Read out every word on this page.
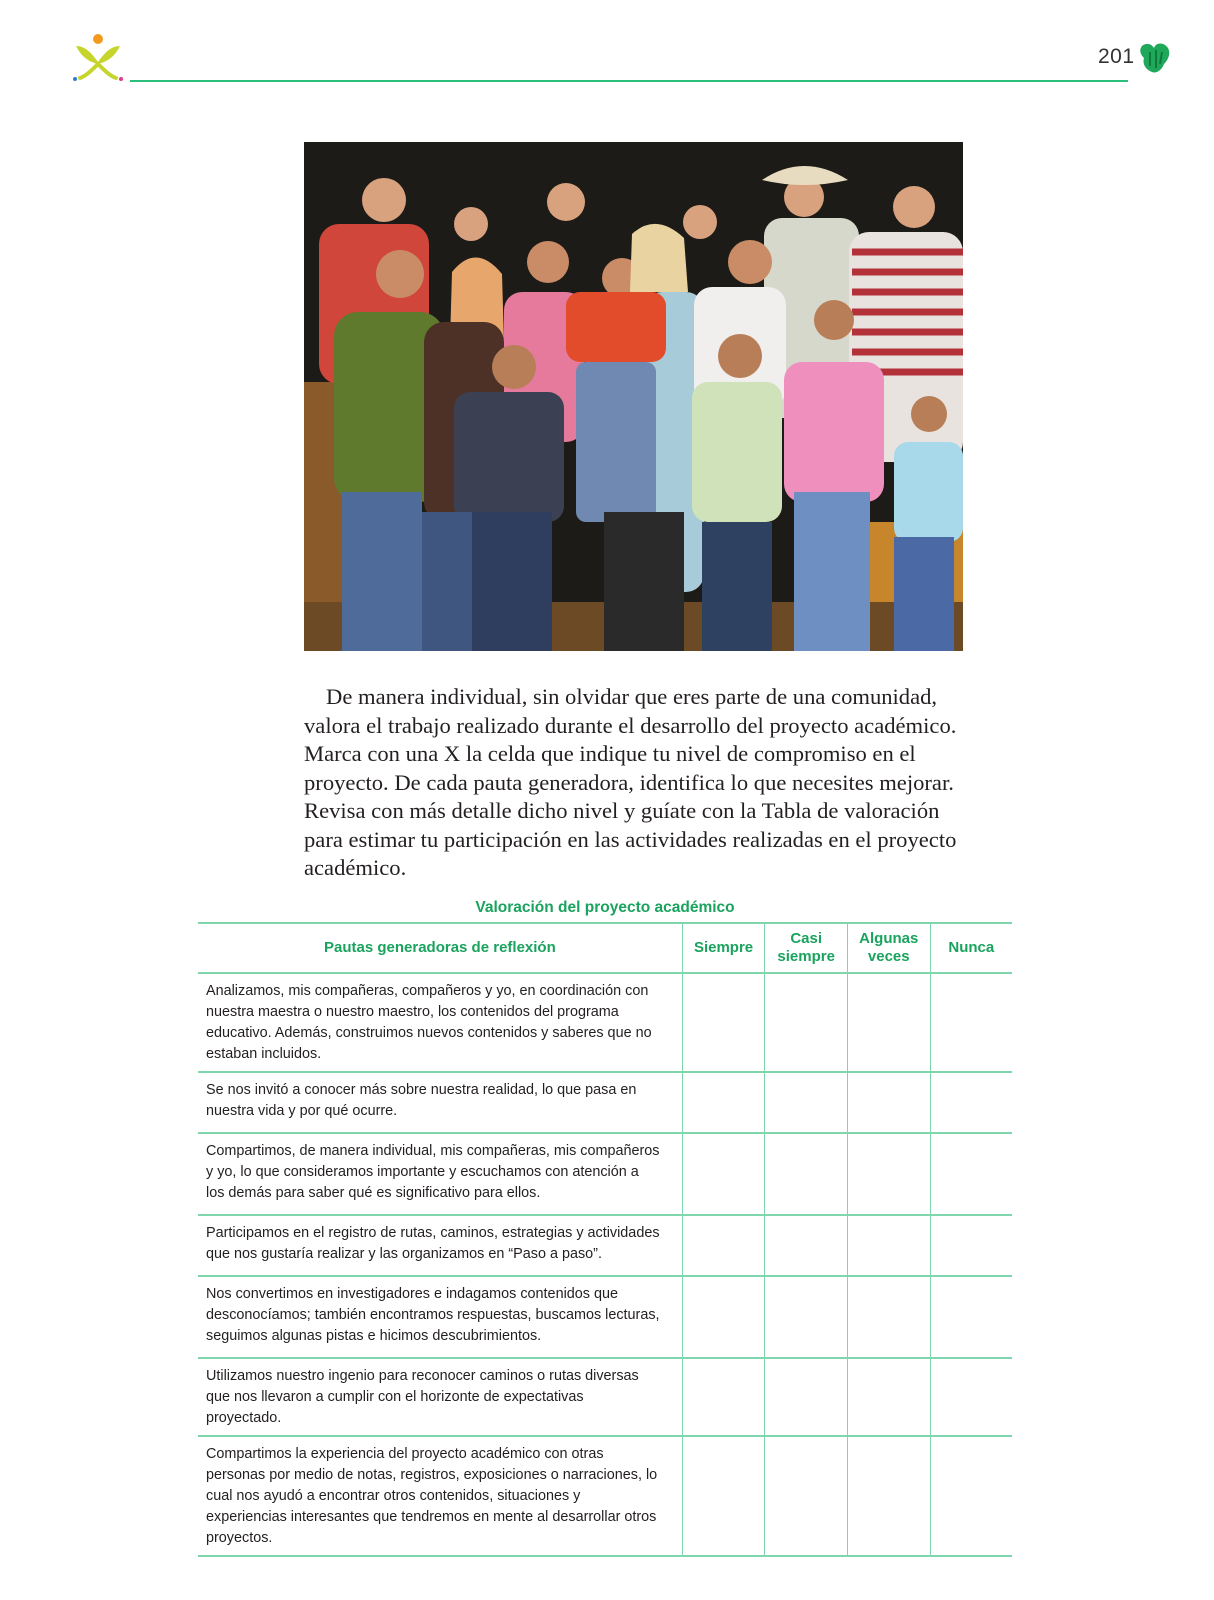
201

De manera individual, sin olvidar que eres parte de una comunidad, valora el trabajo realizado durante el desarrollo del proyecto académico. Marca con una X la celda que indique tu nivel de compromiso en el proyecto. De cada pauta generadora, identifica lo que necesites mejorar. Revisa con más detalle dicho nivel y guíate con la Tabla de valoración para estimar tu participación en las actividades realizadas en el proyecto académico.

Valoración del proyecto académico
Pautas generadoras de reflexión	Siempre	Casi siempre	Algunas veces	Nunca

Analizamos, mis compañeras, compañeros y yo, en coordinación con nuestra maestra o nuestro maestro, los contenidos del programa educativo. Además, construimos nuevos contenidos y saberes que no estaban incluidos.				

Se nos invitó a conocer más sobre nuestra realidad, lo que pasa en nuestra vida y por qué ocurre.				

Compartimos, de manera individual, mis compañeras, mis compañeros y yo, lo que consideramos importante y escuchamos con atención a los demás para saber qué es significativo para ellos.				

Participamos en el registro de rutas, caminos, estrategias y actividades que nos gustaría realizar y las organizamos en “Paso a paso”.				

Nos convertimos en investigadores e indagamos contenidos que desconocíamos; también encontramos respuestas, buscamos lecturas, seguimos algunas pistas e hicimos descubrimientos.				

Utilizamos nuestro ingenio para reconocer caminos o rutas diversas que nos llevaron a cumplir con el horizonte de expectativas proyectado.				

Compartimos la experiencia del proyecto académico con otras personas por medio de notas, registros, exposiciones o narraciones, lo cual nos ayudó a encontrar otros contenidos, situaciones y experiencias interesantes que tendremos en mente al desarrollar otros proyectos.				
